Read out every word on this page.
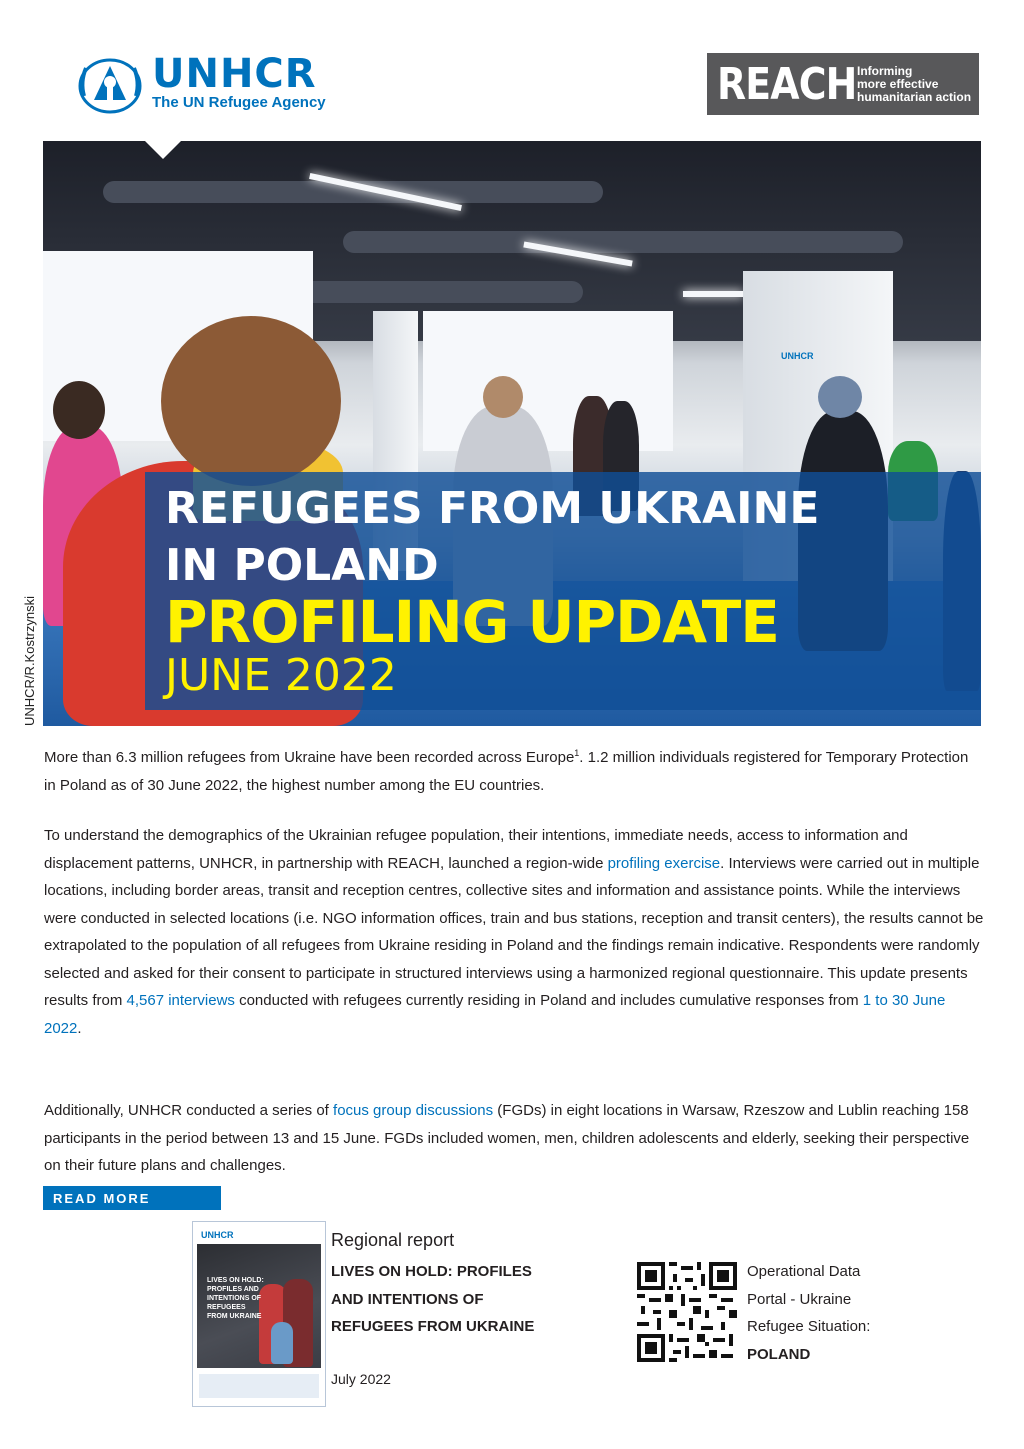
UNHCR
The UN Refugee Agency	REACH Informing
more effective
humanitarian action
UNHCR
REFUGEES FROM UKRAINE
IN POLAND
PROFILING UPDATE
JUNE 2022
UNHCR/R.Kostrzynski
More than 6.3 million refugees from Ukraine have been recorded across Europe$^1$. 1.2 million individuals registered for Temporary Protection in Poland as of 30 June 2022, the highest number among the EU countries.
To understand the demographics of the Ukrainian refugee population, their intentions, immediate needs, access to information and displacement patterns, UNHCR, in partnership with REACH, launched a region-wide profiling exercise. Interviews were carried out in multiple locations, including border areas, transit and reception centres, collective sites and information and assistance points. While the interviews were conducted in selected locations (i.e. NGO information offices, train and bus stations, reception and transit centers), the results cannot be extrapolated to the population of all refugees from Ukraine residing in Poland and the findings remain indicative. Respondents were randomly selected and asked for their consent to participate in structured interviews using a harmonized regional questionnaire. This update presents results from 4,567 interviews conducted with refugees currently residing in Poland and includes cumulative responses from 1 to 30 June 2022.
Additionally, UNHCR conducted a series of focus group discussions (FGDs) in eight locations in Warsaw, Rzeszow and Lublin reaching 158 participants in the period between 13 and 15 June. FGDs included women, men, children adolescents and elderly, seeking their perspective on their future plans and challenges.
READ MORE
UNHCR
LIVES ON HOLD: PROFILES AND INTENTIONS OF REFUGEES FROM UKRAINE
Regional report
LIVES ON HOLD: PROFILES AND INTENTIONS OF REFUGEES FROM UKRAINE
July 2022
Operational Data
Portal - Ukraine
Refugee Situation:
POLAND
